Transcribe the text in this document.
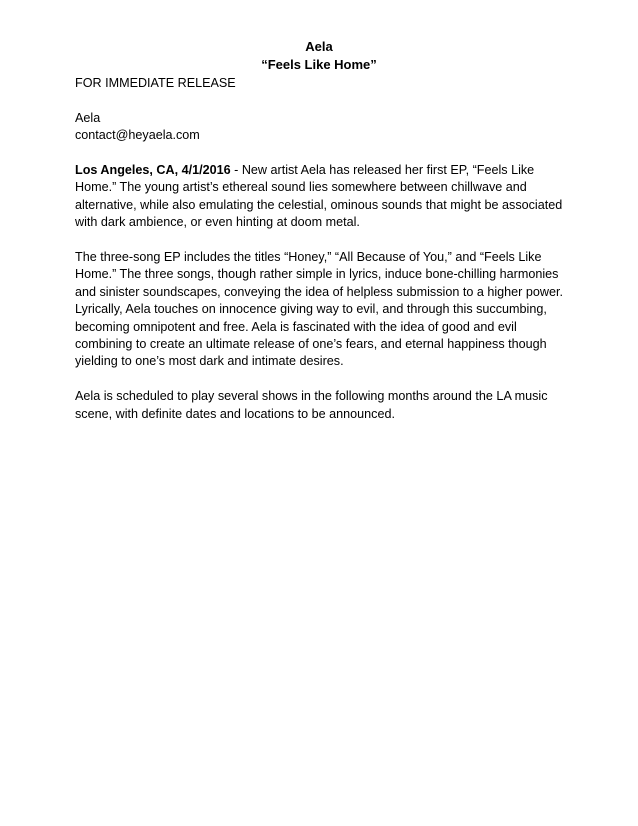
Aela
“Feels Like Home”

FOR IMMEDIATE RELEASE

Aela

contact@heyaela.com

Los Angeles, CA, 4/1/2016 - New artist Aela has released her first EP, “Feels Like Home.” The young artist’s ethereal sound lies somewhere between chillwave and alternative, while also emulating the celestial, ominous sounds that might be associated with dark ambience, or even hinting at doom metal.

The three-song EP includes the titles “Honey,” “All Because of You,” and “Feels Like Home.” The three songs, though rather simple in lyrics, induce bone-chilling harmonies and sinister soundscapes, conveying the idea of helpless submission to a higher power. Lyrically, Aela touches on innocence giving way to evil, and through this succumbing, becoming omnipotent and free. Aela is fascinated with the idea of good and evil combining to create an ultimate release of one’s fears, and eternal happiness though yielding to one’s most dark and intimate desires.

Aela is scheduled to play several shows in the following months around the LA music scene, with definite dates and locations to be announced.
